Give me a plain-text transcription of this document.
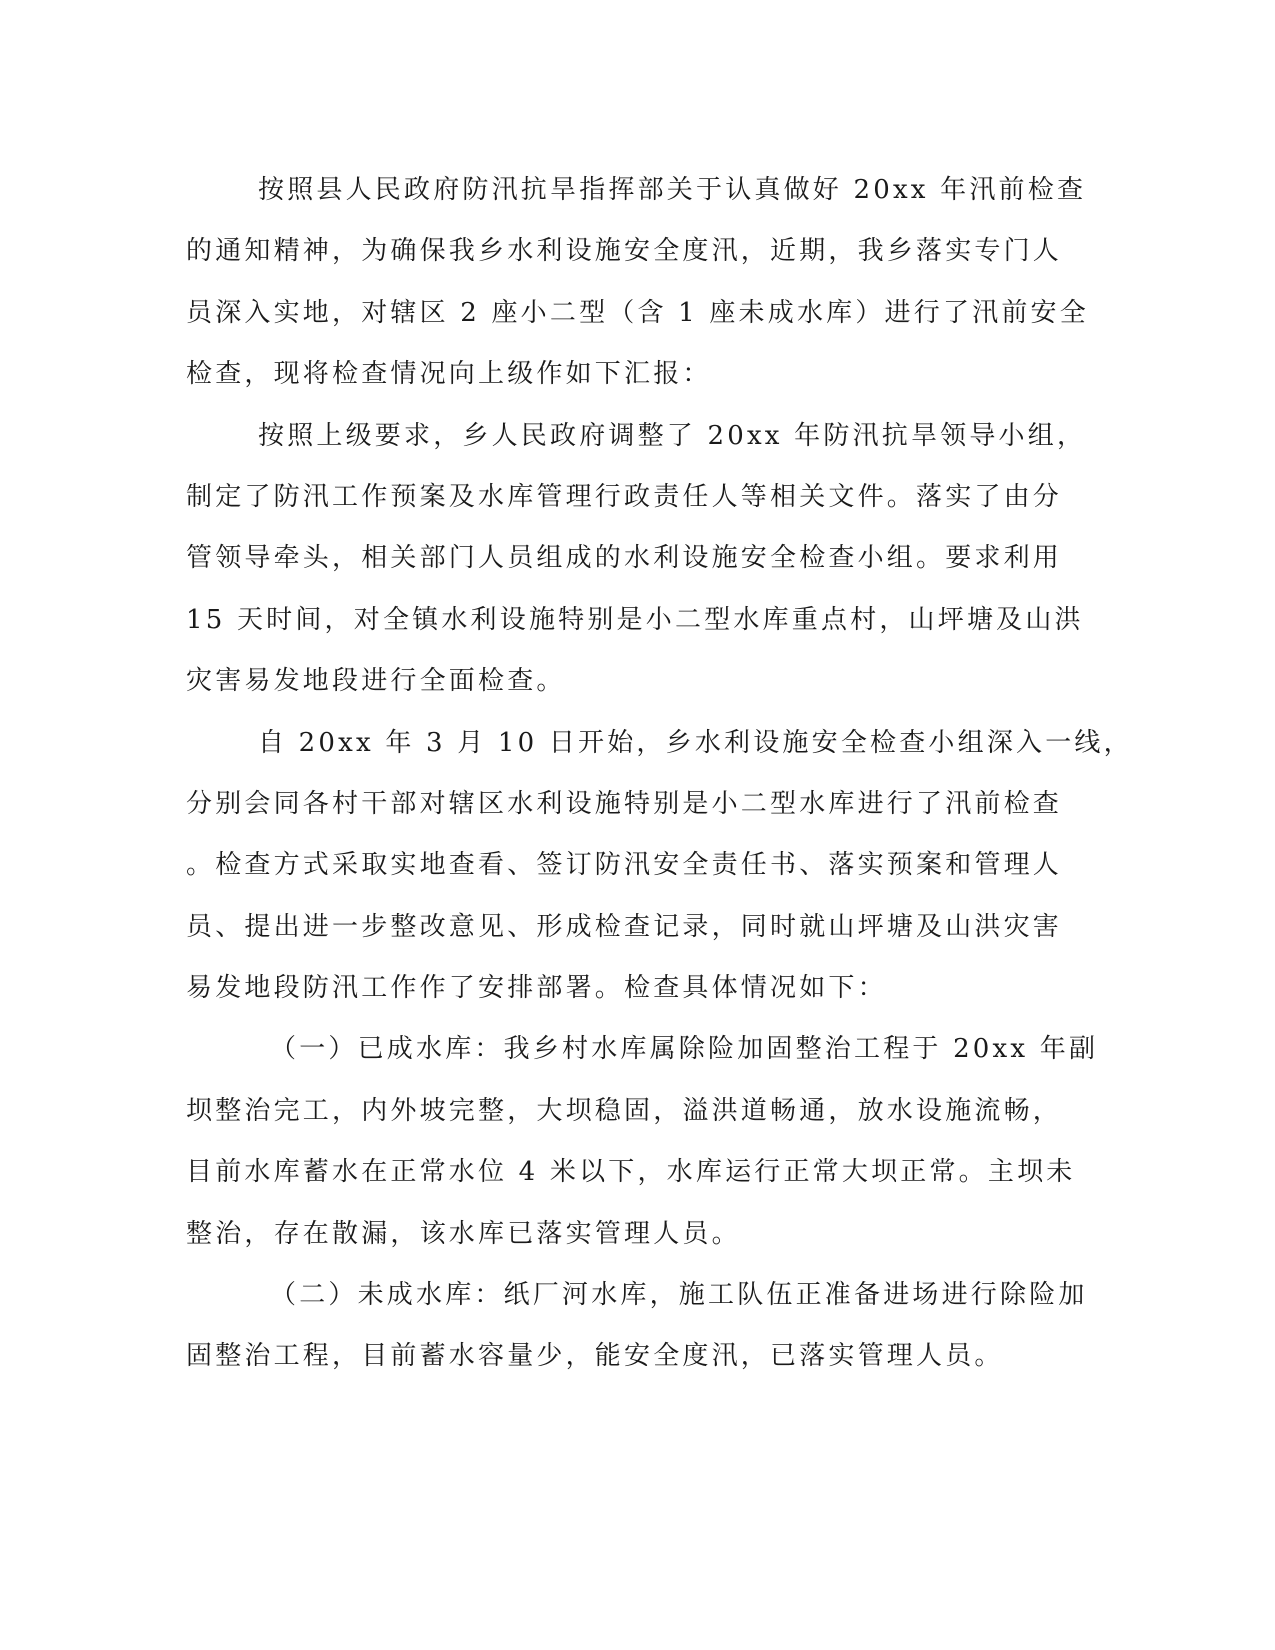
按照县人民政府防汛抗旱指挥部关于认真做好 20xx 年汛前检查
的通知精神，为确保我乡水利设施安全度汛，近期，我乡落实专门人
员深入实地，对辖区 2 座小二型（含 1 座未成水库）进行了汛前安全
检查，现将检查情况向上级作如下汇报：
按照上级要求，乡人民政府调整了 20xx 年防汛抗旱领导小组，
制定了防汛工作预案及水库管理行政责任人等相关文件。落实了由分
管领导牵头，相关部门人员组成的水利设施安全检查小组。要求利用
15 天时间，对全镇水利设施特别是小二型水库重点村，山坪塘及山洪
灾害易发地段进行全面检查。
自 20xx 年 3 月 10 日开始，乡水利设施安全检查小组深入一线，
分别会同各村干部对辖区水利设施特别是小二型水库进行了汛前检查
。检查方式采取实地查看、签订防汛安全责任书、落实预案和管理人
员、提出进一步整改意见、形成检查记录，同时就山坪塘及山洪灾害
易发地段防汛工作作了安排部署。检查具体情况如下：
（一）已成水库：我乡村水库属除险加固整治工程于 20xx 年副
坝整治完工，内外坡完整，大坝稳固，溢洪道畅通，放水设施流畅，
目前水库蓄水在正常水位 4 米以下，水库运行正常大坝正常。主坝未
整治，存在散漏，该水库已落实管理人员。
（二）未成水库：纸厂河水库，施工队伍正准备进场进行除险加
固整治工程，目前蓄水容量少，能安全度汛，已落实管理人员。
